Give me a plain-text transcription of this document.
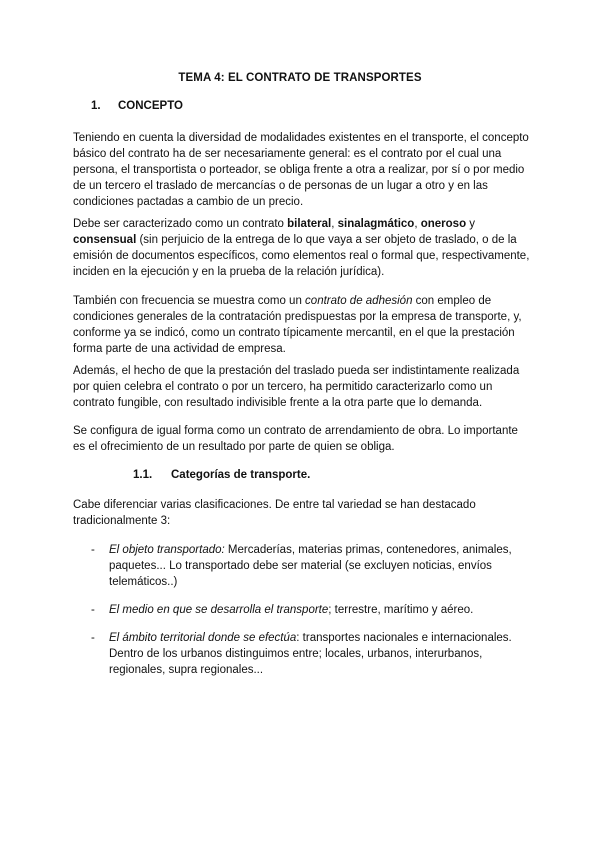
TEMA 4: EL CONTRATO DE TRANSPORTES
1. CONCEPTO
Teniendo en cuenta la diversidad de modalidades existentes en el transporte, el concepto básico del contrato ha de ser necesariamente general: es el contrato por el cual una persona, el transportista o porteador, se obliga frente a otra a realizar, por sí o por medio de un tercero el traslado de mercancías o de personas de un lugar a otro y en las condiciones pactadas a cambio de un precio.
Debe ser caracterizado como un contrato bilateral, sinalagmático, oneroso y consensual (sin perjuicio de la entrega de lo que vaya a ser objeto de traslado, o de la emisión de documentos específicos, como elementos real o formal que, respectivamente, inciden en la ejecución y en la prueba de la relación jurídica).
También con frecuencia se muestra como un contrato de adhesión con empleo de condiciones generales de la contratación predispuestas por la empresa de transporte, y, conforme ya se indicó, como un contrato típicamente mercantil, en el que la prestación forma parte de una actividad de empresa.
Además, el hecho de que la prestación del traslado pueda ser indistintamente realizada por quien celebra el contrato o por un tercero, ha permitido caracterizarlo como un contrato fungible, con resultado indivisible frente a la otra parte que lo demanda.
Se configura de igual forma como un contrato de arrendamiento de obra. Lo importante es el ofrecimiento de un resultado por parte de quien se obliga.
1.1. Categorías de transporte.
Cabe diferenciar varias clasificaciones. De entre tal variedad se han destacado tradicionalmente 3:
- El objeto transportado: Mercaderías, materias primas, contenedores, animales, paquetes... Lo transportado debe ser material (se excluyen noticias, envíos telemáticos..)
- El medio en que se desarrolla el transporte; terrestre, marítimo y aéreo.
- El ámbito territorial donde se efectúa: transportes nacionales e internacionales. Dentro de los urbanos distinguimos entre; locales, urbanos, interurbanos, regionales, supra regionales...
